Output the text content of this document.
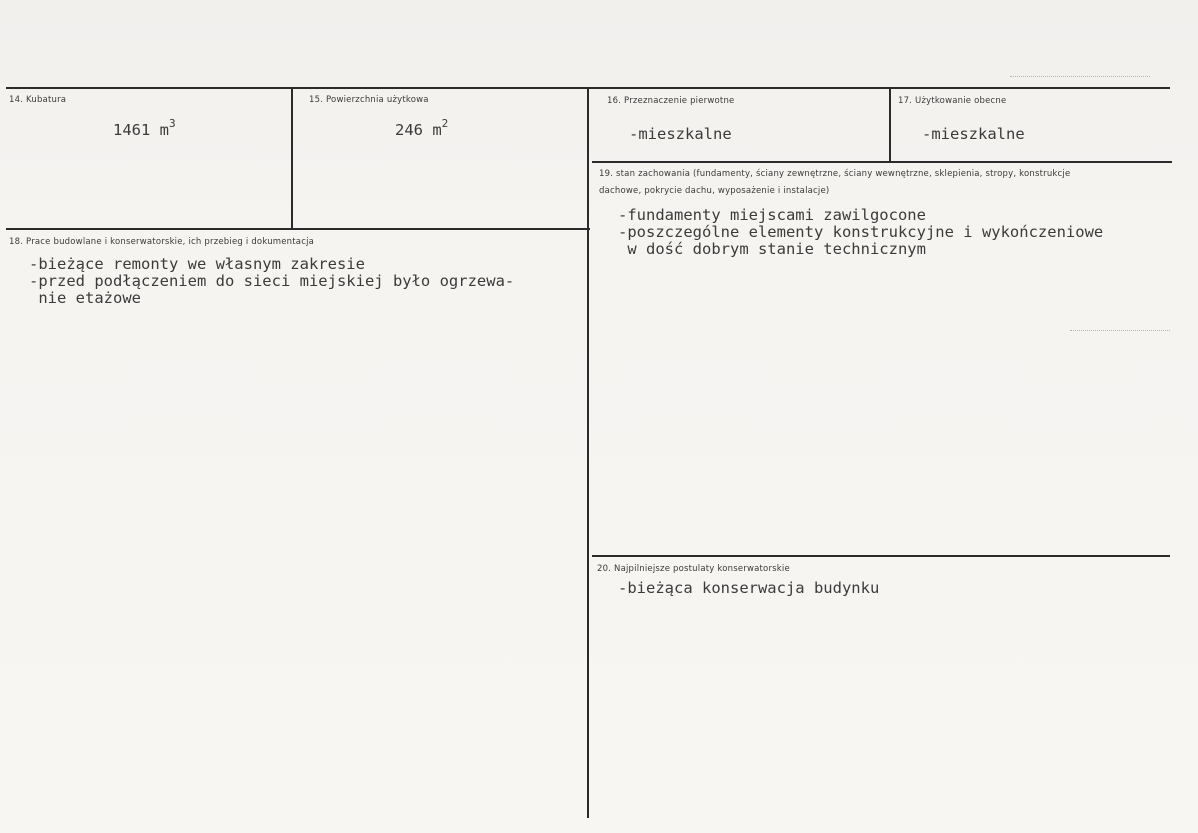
14. Kubatura
1461 $m^3$
15. Powierzchnia użytkowa
246 $m^2$
16. Przeznaczenie pierwotne
-mieszkalne
17. Użytkowanie obecne
-mieszkalne
18. Prace budowlane i konserwatorskie, ich przebieg i dokumentacja
-bieżące remonty we własnym zakresie
-przed podłączeniem do sieci miejskiej było ogrzewa-
nie etażowe
19. stan zachowania (fundamenty, ściany zewnętrzne, ściany wewnętrzne, sklepienia, stropy, konstrukcje dachowe, pokrycie dachu, wyposażenie i instalacje)
-fundamenty miejscami zawilgocone
-poszczególne elementy konstrukcyjne i wykończeniowe
w dość dobrym stanie technicznym
20. Najpilniejsze postulaty konserwatorskie
-bieżąca konserwacja budynku
